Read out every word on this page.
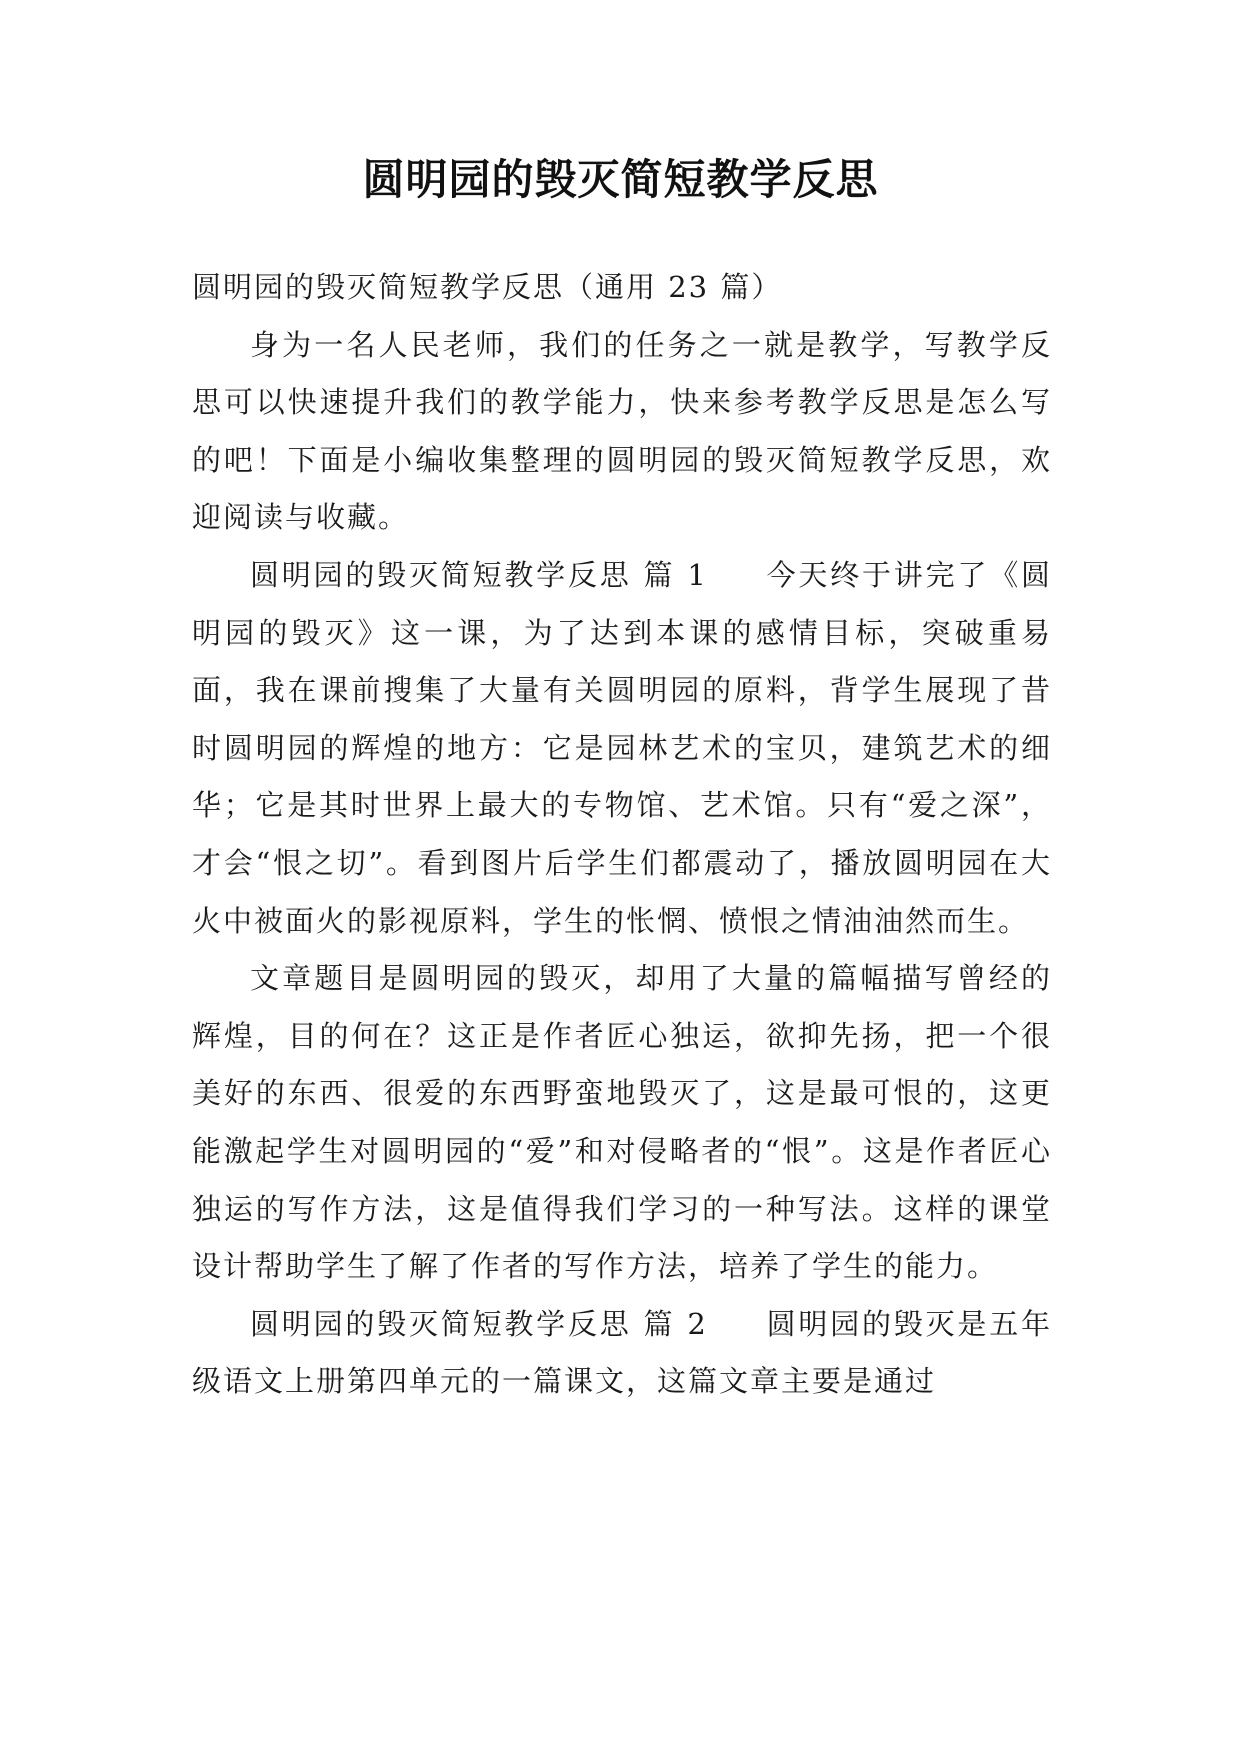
圆明园的毁灭简短教学反思

圆明园的毁灭简短教学反思（通用 23 篇）

身为一名人民老师，我们的任务之一就是教学，写教学反思可以快速提升我们的教学能力，快来参考教学反思是怎么写的吧！下面是小编收集整理的圆明园的毁灭简短教学反思，欢迎阅读与收藏。

圆明园的毁灭简短教学反思 篇 1 今天终于讲完了《圆明园的毁灭》这一课，为了达到本课的感情目标，突破重易面，我在课前搜集了大量有关圆明园的原料，背学生展现了昔时圆明园的辉煌的地方：它是园林艺术的宝贝，建筑艺术的细华；它是其时世界上最大的专物馆、艺术馆。只有“爱之深”，才会“恨之切”。看到图片后学生们都震动了，播放圆明园在大火中被面火的影视原料，学生的怅惘、愤恨之情油油然而生。

文章题目是圆明园的毁灭，却用了大量的篇幅描写曾经的辉煌，目的何在？这正是作者匠心独运，欲抑先扬，把一个很美好的东西、很爱的东西野蛮地毁灭了，这是最可恨的，这更能激起学生对圆明园的“爱”和对侵略者的“恨”。这是作者匠心独运的写作方法，这是值得我们学习的一种写法。这样的课堂设计帮助学生了解了作者的写作方法，培养了学生的能力。

圆明园的毁灭简短教学反思 篇 2 圆明园的毁灭是五年级语文上册第四单元的一篇课文，这篇文章主要是通过
